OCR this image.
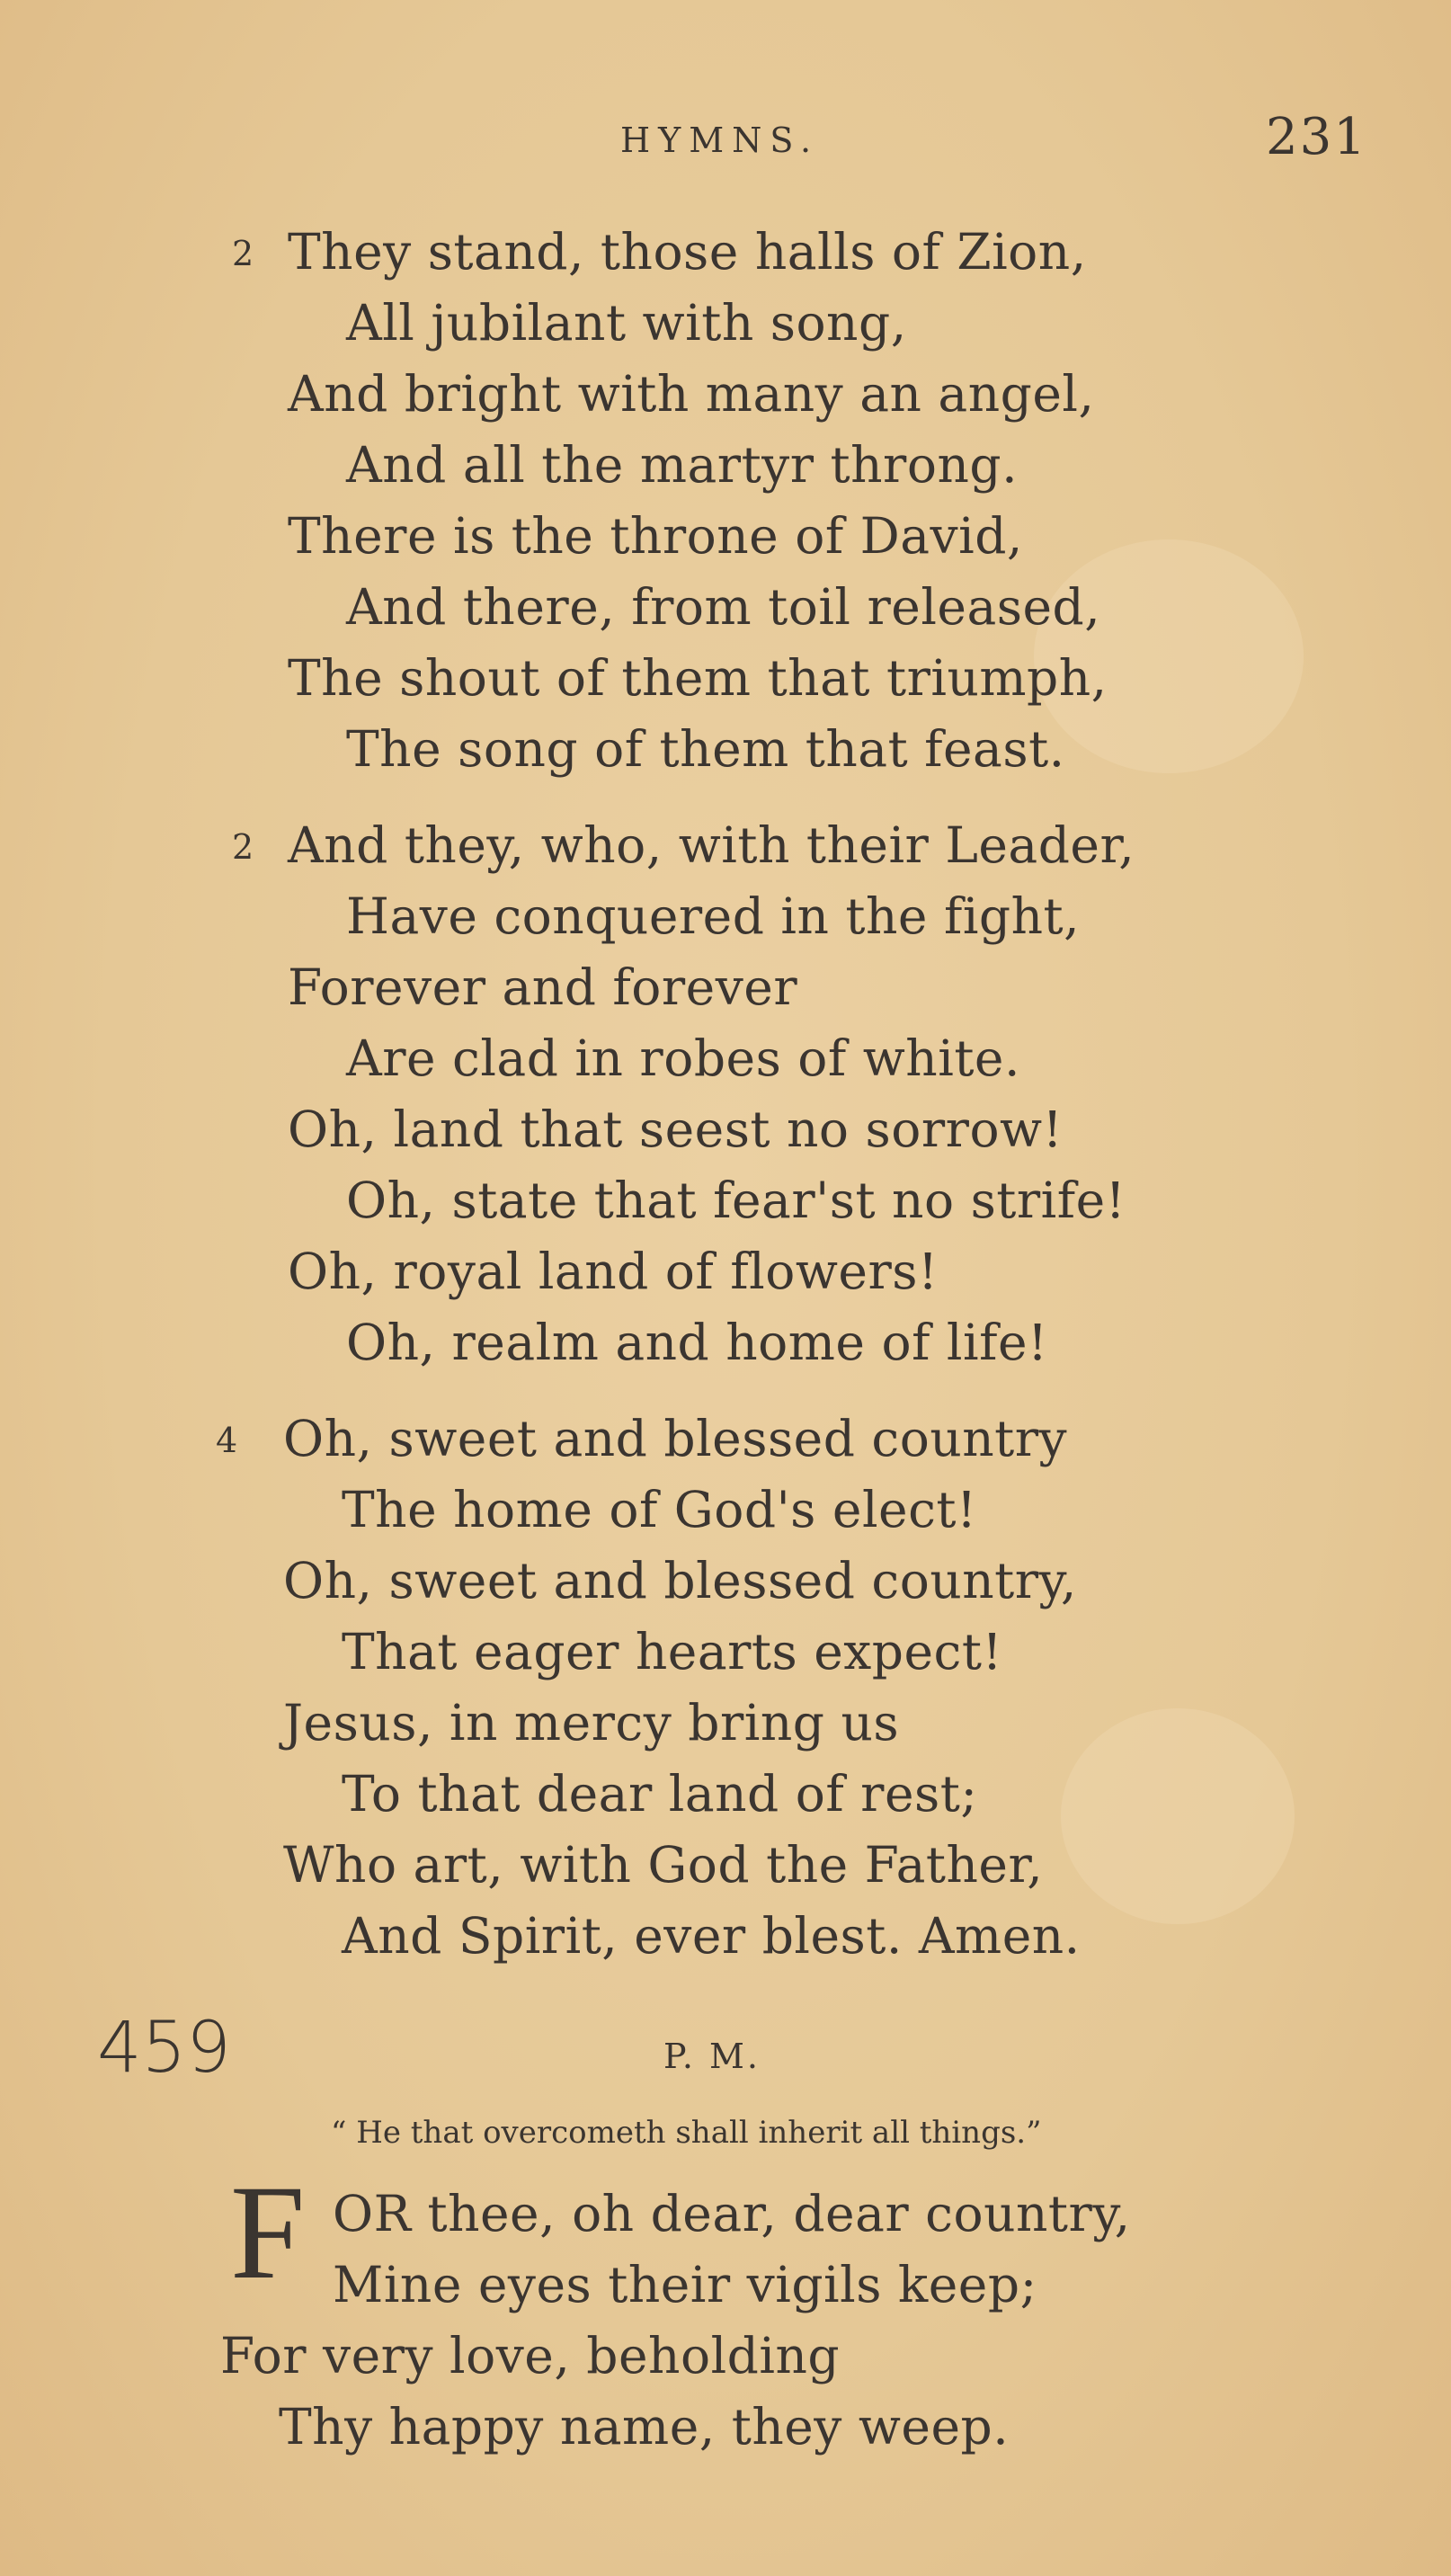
HYMNS.	231
2 They stand, those halls of Zion,
All jubilant with song,
And bright with many an angel,
And all the martyr throng.
There is the throne of David,
And there, from toil released,
The shout of them that triumph,
The song of them that feast.
2 And they, who, with their Leader,
Have conquered in the fight,
Forever and forever
Are clad in robes of white.
Oh, land that seest no sorrow!
Oh, state that fear'st no strife!
Oh, royal land of flowers!
Oh, realm and home of life!
4 Oh, sweet and blessed country
The home of God's elect!
Oh, sweet and blessed country,
That eager hearts expect!
Jesus, in mercy bring us
To that dear land of rest;
Who art, with God the Father,
And Spirit, ever blest. Amen.
459	P. M.
“ He that overcometh shall inherit all things.”
F OR thee, oh dear, dear country,
Mine eyes their vigils keep;
For very love, beholding
Thy happy name, they weep.
